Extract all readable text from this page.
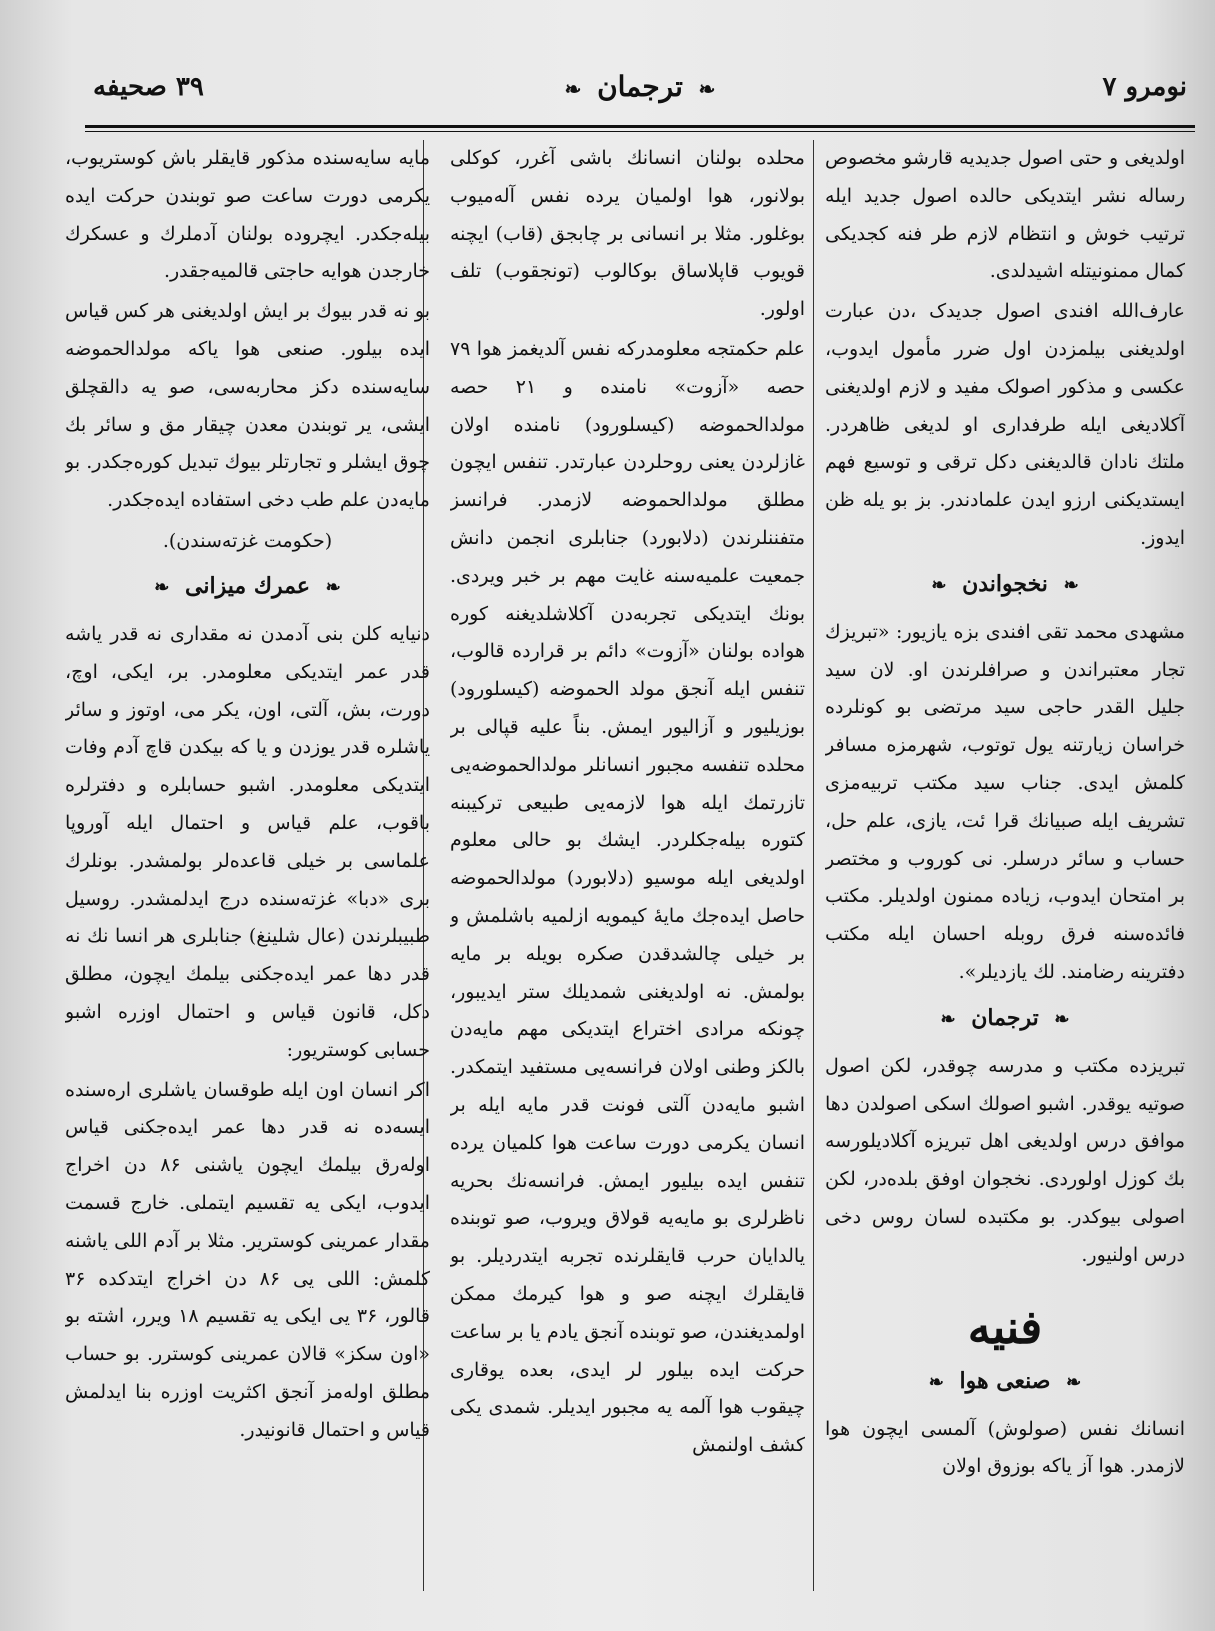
نومرو ۷
❧ ترجمان ❧
۳۹ صحیفه

اولدیغی و حتی اصول جدیدیه قارشو مخصوص رساله نشر ایتدیکی حالده اصول جدید ایله ترتیب خوش و انتظام لازم طر فنه کجدیکی کمال ممنونیتله اشیدلدی.

عارف‌الله افندی اصول جدیدک ،دن عبارت اولدیغنی بیلمزدن اول ضرر مأمول ایدوب، عکسی و مذکور اصولک مفید و لازم اولدیغنی آکلادیغی ایله طرفداری او لدیغی ظاهردر. ملتك نادان قالدیغنی دکل ترقی و توسیع فهم ایستدیکنی ارزو ایدن علمادندر. بز بو یله ظن ایدوز.

❧ نخجواندن ❧

مشهدی محمد تقی افندی بزه یازیور: «تبریزك تجار معتبراندن و صرافلرندن او. لان سید جلیل القدر حاجی سید مرتضی بو کونلرده خراسان زیارتنه یول توتوب، شهرمزه مسافر کلمش ایدی. جناب سید مکتب تربیه‌مزی تشریف ایله صبیانك قرا ئت، یازی، علم حل، حساب و سائر درسلر. نی کوروب و مختصر بر امتحان ایدوب، زیاده ممنون اولدیلر. مکتب فائده‌سنه فرق روبله احسان ایله مکتب دفترینه رضامند. لك یازدیلر».

❧ ترجمان ❧

تبریزده مکتب و مدرسه چوقدر، لکن اصول صوتیه یوقدر. اشبو اصولك اسکی اصولدن دها موافق درس اولدیغی اهل تبریزه آکلادیلورسه بك کوزل اولوردی. نخجوان اوفق بلده‌در، لکن اصولی بیوکدر. بو مکتبده لسان روس دخی درس اولنیور.

فنیه
❧ صنعی هوا ❧

انسانك نفس (صولوش) آلمسی ایچون هوا لازمدر. هوا آز یاکه بوزوق اولان

محلده بولنان انسانك باشی آغرر، کوکلی بولانور، هوا اولمیان یرده نفس آله‌میوب بوغلور. مثلا بر انسانی بر چابجق (قاب) ایچنه قویوب قاپلاساق بوکالوب (تونجقوب) تلف اولور.

علم حکمتجه معلومدرکه نفس آلدیغمز هوا ۷۹ حصه «آزوت» نامنده و ۲۱ حصه مولدالحموضه (کیسلورود) نامنده اولان غازلردن یعنی روحلردن عبارتدر. تنفس ایچون مطلق مولدالحموضه لازمدر. فرانسز متفننلرندن (دلابورد) جنابلری انجمن دانش جمعیت علمیه‌سنه غایت مهم بر خبر ویردی. بونك ایتدیکی تجربه‌دن آکلاشلدیغنه کوره هواده بولنان «آزوت» دائم بر قرارده قالوب، تنفس ایله آنجق مولد الحموضه (کیسلورود) بوزیلیور و آزالیور ایمش. بناً علیه قپالی بر محلده تنفسه مجبور انسانلر مولدالحموضه‌یی تازرتمك ایله هوا لازمه‌یی طبیعی ترکیبنه کتوره بیله‌جکلردر. ایشك بو حالی معلوم اولدیغی ایله موسیو (دلابورد) مولدالحموضه حاصل ایده‌جك مایهٔ کیمویه ازلمیه باشلمش و بر خیلی چالشدقدن صکره بویله بر مایه بولمش. نه اولدیغنی شمدیلك ستر ایدیبور، چونکه مرادی اختراع ایتدیکی مهم مایه‌دن بالکز وطنی اولان فرانسه‌یی مستفید ایتمکدر. اشبو مایه‌دن آلتی فونت قدر مایه ایله بر انسان یکرمی دورت ساعت هوا کلمیان یرده تنفس ایده بیلیور ایمش. فرانسه‌نك بحریه ناظرلری بو مایه‌یه قولاق ویروب، صو توبنده یالدایان حرب قایقلرنده تجربه ایتدردیلر. بو قایقلرك ایچنه صو و هوا کیرمك ممکن اولمدیغندن، صو توبنده آنجق یادم یا بر ساعت حرکت ایده بیلور لر ایدی، بعده یوقاری چیقوب هوا آلمه یه مجبور ایدیلر. شمدی یکی کشف اولنمش

مایه سایه‌سنده مذکور قایقلر باش کوستریوب، یکرمی دورت ساعت صو توبندن حرکت ایده بیله‌جکدر. ایچروده بولنان آدملرك و عسکرك خارجدن هوایه حاجتی قالمیه‌جقدر.

بو نه قدر بیوك بر ایش اولدیغنی هر کس قیاس ایده بیلور. صنعی هوا یاکه مولدالحموضه سایه‌سنده دکز محاربه‌سی، صو یه دالقچلق ایشی، یر توبندن معدن چیقار مق و سائر بك چوق ایشلر و تجارتلر بیوك تبدیل کوره‌جکدر. بو مایه‌دن علم طب دخی استفاده ایده‌جکدر.

(حکومت غزته‌سندن).
❧ عمرك میزانی ❧

دنیایه کلن بنی آدمدن نه مقداری نه قدر یاشه قدر عمر ایتدیکی معلومدر. بر، ایکی، اوچ، دورت، بش، آلتی، اون، یکر می، اوتوز و سائر یاشلره قدر یوزدن و یا که بیکدن قاچ آدم وفات ایتدیکی معلومدر. اشبو حسابلره و دفترلره باقوب، علم قیاس و احتمال ایله آوروپا علماسی بر خیلی قاعده‌لر بولمشدر. بونلرك بری «دبا» غزته‌سنده درج ایدلمشدر. روسیل طبیبلرندن (عال شلینغ) جنابلری هر انسا نك نه قدر دها عمر ایده‌جکنی بیلمك ایچون، مطلق دکل، قانون قیاس و احتمال اوزره اشبو حسابی کوستریور:

اکر انسان اون ایله طوقسان یاشلری اره‌سنده ایسه‌ده نه قدر دها عمر ایده‌جکنی قیاس اوله‌رق بیلمك ایچون یاشنی ۸۶ دن اخراج ایدوب، ایکی یه تقسیم ایتملی. خارج قسمت مقدار عمرینی کوستریر. مثلا بر آدم اللی یاشنه کلمش: اللی یی ۸۶ دن اخراج ایتدکده ۳۶ قالور، ۳۶ یی ایکی یه تقسیم ۱۸ ویرر، اشته بو «اون سکز» قالان عمرینی کوسترر. بو حساب مطلق اوله‌مز آنجق اکثریت اوزره بنا ایدلمش قیاس و احتمال قانونیدر.
